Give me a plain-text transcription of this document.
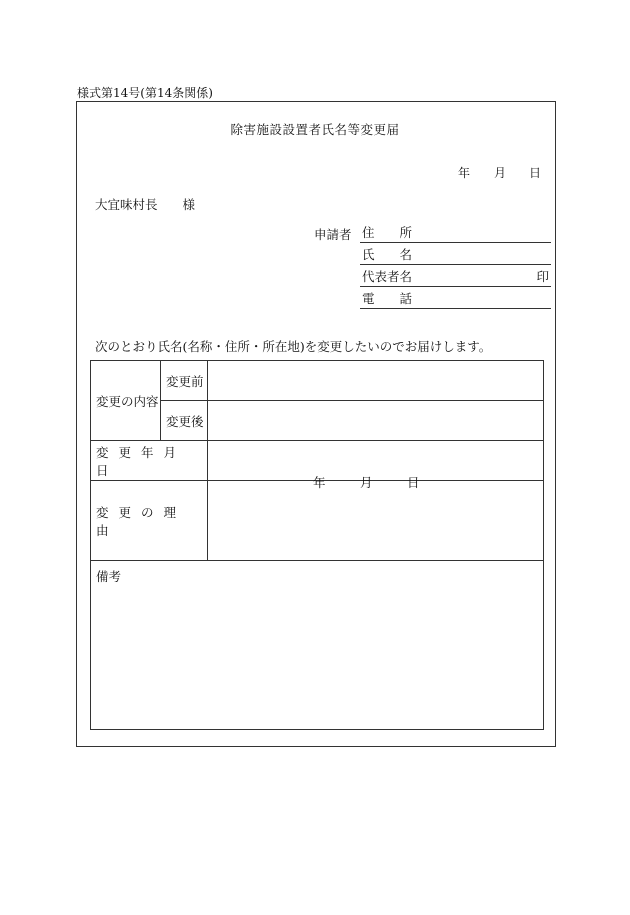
様式第14号(第14条関係)
除害施設設置者氏名等変更届
年 月 日
大宜味村長　　様
申請者 住　　所
氏　　名
代表者名	印
電　　話
次のとおり氏名(名称・住所・所在地)を変更したいのでお届けします。
変更の内容	変更前	
	変更後	
変更年月日		年 月 日

変更の理由		
備考		
